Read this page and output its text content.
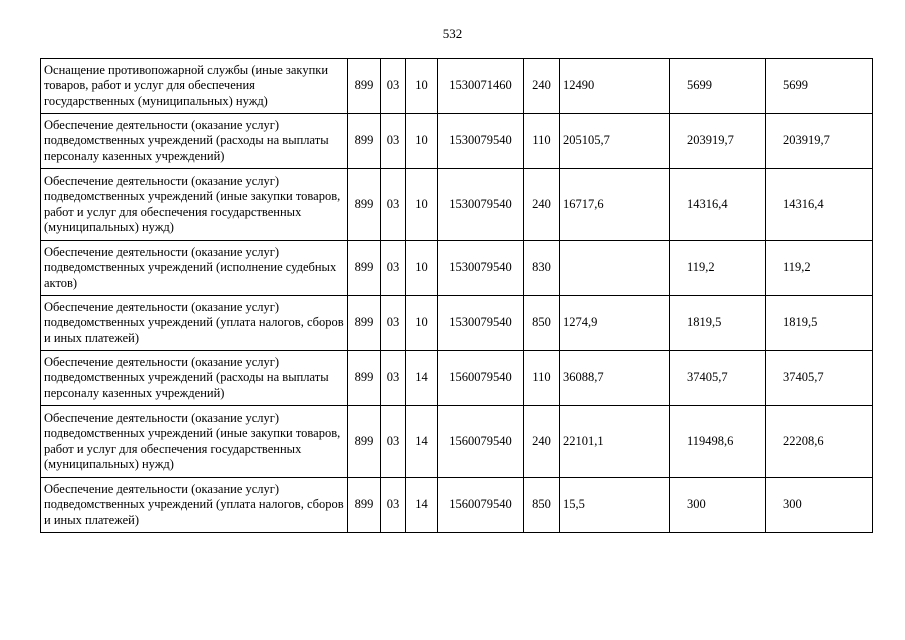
532
Оснащение противопожарной службы (иные закупки товаров, работ и услуг для обеспечения государственных (муниципальных) нужд)	899	03	10	1530071460	240	12490	5699	5699
Обеспечение деятельности (оказание услуг) подведомственных учреждений (расходы на выплаты персоналу казенных учреждений)	899	03	10	1530079540	110	205105,7	203919,7	203919,7
Обеспечение деятельности (оказание услуг) подведомственных учреждений (иные закупки товаров, работ и услуг для обеспечения государственных (муниципальных) нужд)	899	03	10	1530079540	240	16717,6	14316,4	14316,4
Обеспечение деятельности (оказание услуг) подведомственных учреждений (исполнение судебных актов)	899	03	10	1530079540	830		119,2	119,2
Обеспечение деятельности (оказание услуг) подведомственных учреждений (уплата налогов, сборов и иных платежей)	899	03	10	1530079540	850	1274,9	1819,5	1819,5
Обеспечение деятельности (оказание услуг) подведомственных учреждений (расходы на выплаты персоналу казенных учреждений)	899	03	14	1560079540	110	36088,7	37405,7	37405,7
Обеспечение деятельности (оказание услуг) подведомственных учреждений (иные закупки товаров, работ и услуг для обеспечения государственных (муниципальных) нужд)	899	03	14	1560079540	240	22101,1	119498,6	22208,6
Обеспечение деятельности (оказание услуг) подведомственных учреждений (уплата налогов, сборов и иных платежей)	899	03	14	1560079540	850	15,5	300	300
